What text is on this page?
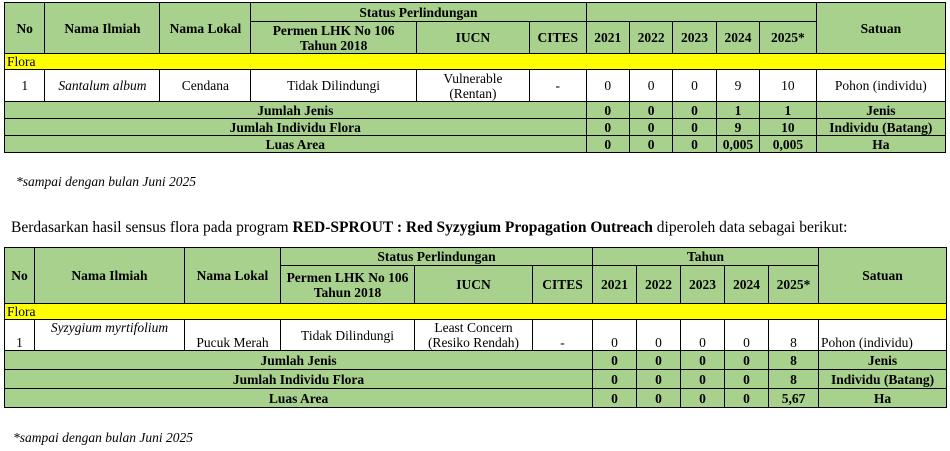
No	Nama Ilmiah	Nama Lokal	Status Perlindungan								Satuan
			Permen LHK No 106 Tahun 2018	IUCN	CITES	2021	2022	2023	2024	2025*	
Flora											
1	Santalum album	Cendana	Tidak Dilindungi	Vulnerable (Rentan)	-	0	0	0	9	10	Pohon (individu)
Jumlah Jenis						0	0	0	1	1	Jenis
Jumlah Individu Flora						0	0	0	9	10	Individu (Batang)
Luas Area						0	0	0	0,005	0,005	Ha
*sampai dengan bulan Juni 2025
Berdasarkan hasil sensus flora pada program RED-SPROUT : Red Syzygium Propagation Outreach diperoleh data sebagai berikut:
No	Nama Ilmiah	Nama Lokal	Status Perlindungan			Tahun					Satuan
			Permen LHK No 106 Tahun 2018	IUCN	CITES	2021	2022	2023	2024	2025*	
Flora											
1	Syzygium myrtifolium	Pucuk Merah	Tidak Dilindungi	Least Concern (Resiko Rendah)	-	0	0	0	0	8	Pohon (individu)
Jumlah Jenis						0	0	0	0	8	Jenis
Jumlah Individu Flora						0	0	0	0	8	Individu (Batang)
Luas Area						0	0	0	0	5,67	Ha
*sampai dengan bulan Juni 2025
